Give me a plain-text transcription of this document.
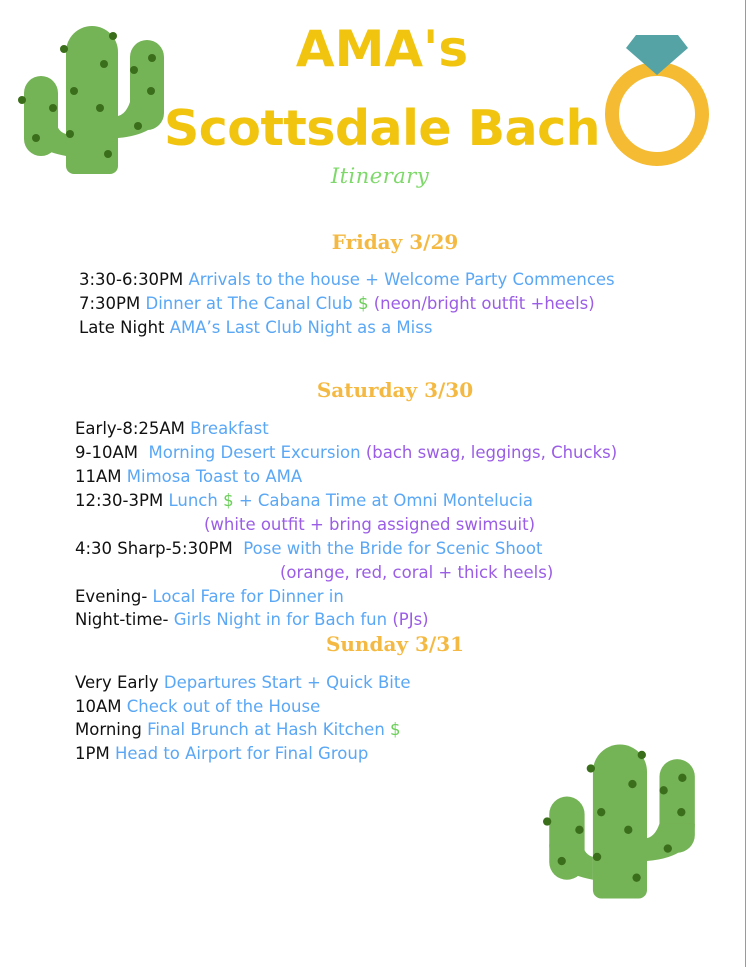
AMA's
Scottsdale Bach
Itinerary
Friday 3/29
3:30-6:30PM Arrivals to the house + Welcome Party Commences
7:30PM Dinner at The Canal Club $ (neon/bright outfit +heels)
Late Night AMA’s Last Club Night as a Miss
Saturday 3/30
Early-8:25AM Breakfast
9-10AM Morning Desert Excursion (bach swag, leggings, Chucks)
11AM Mimosa Toast to AMA
12:30-3PM Lunch $ + Cabana Time at Omni Montelucia
(white outfit + bring assigned swimsuit)
4:30 Sharp-5:30PM Pose with the Bride for Scenic Shoot
(orange, red, coral + thick heels)
Evening- Local Fare for Dinner in
Night-time- Girls Night in for Bach fun (PJs)
Sunday 3/31
Very Early Departures Start + Quick Bite
10AM Check out of the House
Morning Final Brunch at Hash Kitchen $
1PM Head to Airport for Final Group
